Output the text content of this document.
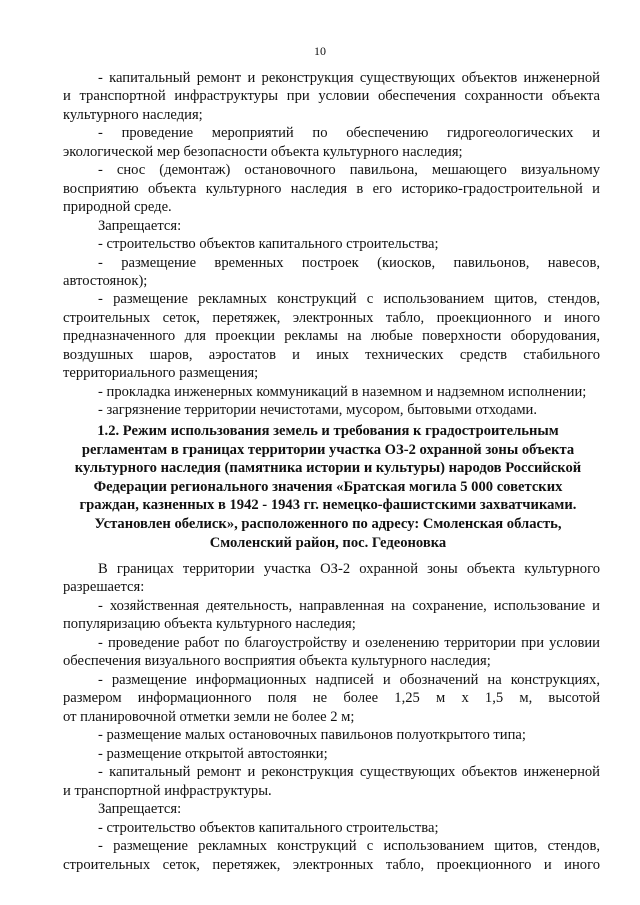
10
- капитальный ремонт и реконструкция существующих объектов инженерной
и транспортной инфраструктуры при условии обеспечения сохранности объекта
культурного наследия;
- проведение мероприятий по обеспечению гидрогеологических и
экологической мер безопасности объекта культурного наследия;
- снос (демонтаж) остановочного павильона, мешающего визуальному
восприятию объекта культурного наследия в его историко-градостроительной и
природной среде.
Запрещается:
- строительство объектов капитального строительства;
- размещение временных построек (киосков, павильонов, навесов,
автостоянок);
- размещение рекламных конструкций с использованием щитов, стендов,
строительных сеток, перетяжек, электронных табло, проекционного и иного
предназначенного для проекции рекламы на любые поверхности оборудования,
воздушных шаров, аэростатов и иных технических средств стабильного
территориального размещения;
- прокладка инженерных коммуникаций в наземном и надземном исполнении;
- загрязнение территории нечистотами, мусором, бытовыми отходами.
1.2. Режим использования земель и требования к градостроительным
регламентам в границах территории участка ОЗ-2 охранной зоны объекта
культурного наследия (памятника истории и культуры) народов Российской
Федерации регионального значения «Братская могила 5 000 советских
граждан, казненных в 1942 - 1943 гг. немецко-фашистскими захватчиками.
Установлен обелиск», расположенного по адресу: Смоленская область,
Смоленский район, пос. Гедеоновка
В границах территории участка ОЗ-2 охранной зоны объекта культурного
разрешается:
- хозяйственная деятельность, направленная на сохранение, использование и
популяризацию объекта культурного наследия;
- проведение работ по благоустройству и озеленению территории при условии
обеспечения визуального восприятия объекта культурного наследия;
- размещение информационных надписей и обозначений на конструкциях,
размером информационного поля не более 1,25 м х 1,5 м, высотой
от планировочной отметки земли не более 2 м;
- размещение малых остановочных павильонов полуоткрытого типа;
- размещение открытой автостоянки;
- капитальный ремонт и реконструкция существующих объектов инженерной
и транспортной инфраструктуры.
Запрещается:
- строительство объектов капитального строительства;
- размещение рекламных конструкций с использованием щитов, стендов,
строительных сеток, перетяжек, электронных табло, проекционного и иного
